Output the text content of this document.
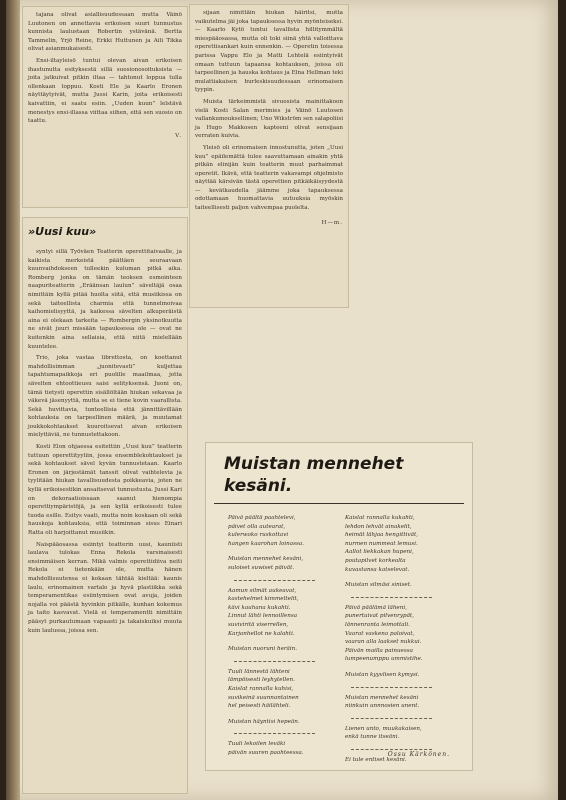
tajana olivat asiallisuudessaan mutta Väinö Luutonen on annettavia erikoisen suuri tunnustus kunnista laulustaan Robertin ystävänä. Bertta Tammelin, Yrjö Reine, Erkki Huttunen ja Aili Tikka olivat asianmukaisesti.

Ensi-iltayleisö tuntui olevan aivan erikoisen ihastunutta esityksestä sillä suosionosoituksista — joita jatkuivat pitkin iltaa — tahtonut loppua tulla ollenkaan loppuu. Kosti Ele ja Kaarlo Eronen näyttäytyivät, mutta Jussi Karin, joita erikoisesti kaivattiin, ei saatu esiin. „Uuden kuun” lelstävä menestys ensi-illassa viittaa siihen, että sen suosio on taattu.

V.

»Uusi kuu»

syntyi sillä Työväen Teatterin operettitaivaalle, ja kaikista merkeistä päättäen seuraavaan kuunvaihdokseen tulleekin kuluman pitkä aika. Romberg jonka on tämän teoksen esmointeen naapuriteatterin „Eräänsan laulun” säveltäjä osaa nimittäin kyllä pitää huolta siitä, että musiikissa on sekä taiteellista charmia että tunnelmoivaa kaihomielisyyttä, ja kaikessa sävelten alkuperäistä aina ei olekaan tarkeita — Rombergin yksinotkuutta ne sivät juuri missään tapauksessa ole — ovat ne kuitenkin aina sellaisia, että niitä mielellään kuuntelee.

Trio, joka vastaa librettosta, on koettanut mahdollisimman „juonitevasti” kuljettaa tapahtumapaikkoja eri puolille maailmaa, jotta sävelten ehtoottieusu saisi selityksensä. Juoni on, tämä tietysti operettin sisällöltään hiukan sekavaa ja väkevä jäsenyyttä, mutta se ei tiene kovin vaarallista. Sekä huvittavia, tunteellisia että jännittävillään kohtauksia on tarpeellinen määrä, ja muutamat joukkokohtaukset kuuroitsevat aivan erikoisen mielyttäviä, ne tunnustettakoon.

Kosti Elon ohjaessa esitettiin „Uusi kuu” teatterin tuttuun operettityyliin, jossa ensemblekohtaukset ja sekä kohtaukset sävel kyvän tunnustetaan. Kaarlo Eronen on järjestämät tanssit olivat vaihtelevia ja tyylitään hiukan tavallisuudesta poikkeavia, joten ne kyllä erikoisestikin ansaitsevat tunnustusta. Jussi Kari on dekoraatioissaan saanut hienompia operettiympäristöjä, ja sen kyllä erikoisesti tulee tuoda esille. Esitys vaati, mutta noin koskaan oli sekä hauskoja kohtauksia, että toiminnan sisus Einari Ratta oli harjoittanut musiikin.

Naispääosassa esiintyi teatterin uusi, kauniisti laulava tulokas Enna Rekola varsinaisesti ensimmäisen kerran. Mikä valmis operettidiiva neiti Rekola ei tietenkään ole, mutta hänen mahdollisuutensa ei kokaan tähtää kieltää: kaunis laulu, erinomainen vartalo ja hyvä plastiikka sekä temperamentikas esiintymisen ovat avuja, joiden nojalla voi päästä hyvinkin pitkälle, kunhan kokemus ja taito kasvavat. Vielä ei temperamentti nimittäin pääsyt purkautumaan vapaasti ja takaiskuiksi muuta kuin laulussa, joissa sen.

sijaan nimittäin hiukan häiritsi, mutta vaikutelma jäi joka tapauksessa hyvin myönteiseksi. — Kaarlo Kytö tuntui tavallista hillitymmältä miespääosassa, mutta oli toki siinä yhtä valloittava operettisankari kuin ennenkin. — Operetin toisessa parissa Vappu Elo ja Matti Lehtelä esiintyivät omaan tuttuun tapaansa kohtauksen, joissa oli tarpeellinen ja hauska kohtaus ja Elna Hellman teki mulattiakaisen burleskisuudessaan erinomaisen tyypin.

Muista tärkeimmistä sivuosista mainittakoon vielä Kosti Salan merimies ja Väinö Luutosen vallankumouksellinen; Uno Wikström sen salapoliisi ja Hugo Makkosen kapteeni olivat sensijaan verraten kuivia.

Yleisö oli erinomaisen innostunutta, joten „Uusi kuu” epäilemättä tulee saavuttamaan ainakin yhtä pitkän elinijän kuin teatterin muut parhaimmat operetit. Ikävä, että teatterin vakavampi ohjelmisto näyttää kärsivän tästä operettien pitkäikäisyydestä — kevätkaudella jäämme joka tapauksessa odottamaan huomattavia uutuuksia myöskin taiteellisesti paljon vahvempaa puolelta.

H—m.

Muistan mennehet kesäni.
Päivä päältä paahtelevi,
päivet olla autearat,
kulerwoko ruskottavi
hangen kaarohan loinassa.
Muistan mennehet kesäni,
suloiset suwiset päivät.
Aamun silmät aukeavat,
kastehelmet kimmeltelit,
kävi kauhana kukahti.
Linnut lähti lennoillensa
suviviritä viserrellen,
Karjanhellot ne kalahti.
Muistan nuoruni heräin.
Tuuli lännestä lähteni
lämpöisesti leyhytellen.
Kaislat rannalla kuhisi,
suvikeinä suunnantainen
hel peisesti häilähteli.
Muistan häyntisi hepeän.
Tuuli lekoilen leväki
päivän suuren paahteessa.
Kaislat rannalla kukahti,
lehdon lehvät ainakelit,
heimät lähjaa hengittivät,
nurmen nummeat lemusi.
Aallot liekkakan hupeni,
poutapilvet korkealta
kuvastansa katselevat.
Muistan silmäsi siniset.
Päivä päälämä läheni,
punertuivat pilvenrypät,
lännenranta leimottali.
Vaarat vaskena paloivat,
vaaran alla laakset nukkui.
Päivän mailla painuessa
lumpeenumppu ummistihe.
Muistan kyyvlisen kymysi.
Muistan mennehet kesäni
niinkuin unnnosien unent.
Lienen unto, muukakaisen,
enkä tunne itseäni.
Ei tule entiset kesäni.
Ossu Kärkönen.
